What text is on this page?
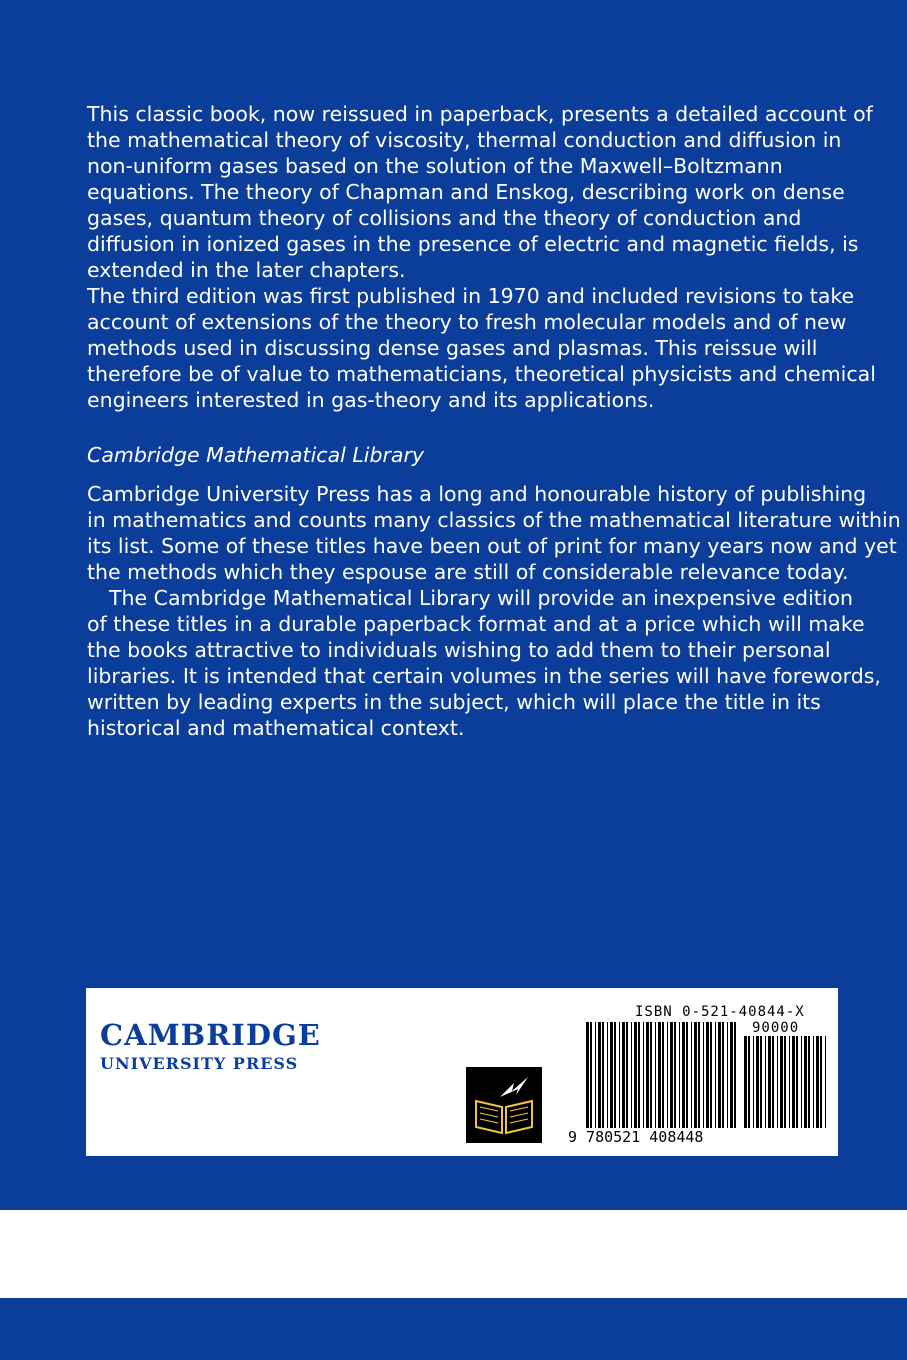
This classic book, now reissued in paperback, presents a detailed account of
the mathematical theory of viscosity, thermal conduction and diffusion in
non-uniform gases based on the solution of the Maxwell–Boltzmann
equations. The theory of Chapman and Enskog, describing work on dense
gases, quantum theory of collisions and the theory of conduction and
diffusion in ionized gases in the presence of electric and magnetic fields, is
extended in the later chapters.
The third edition was first published in 1970 and included revisions to take
account of extensions of the theory to fresh molecular models and of new
methods used in discussing dense gases and plasmas. This reissue will
therefore be of value to mathematicians, theoretical physicists and chemical
engineers interested in gas-theory and its applications.
Cambridge Mathematical Library
Cambridge University Press has a long and honourable history of publishing
in mathematics and counts many classics of the mathematical literature within
its list. Some of these titles have been out of print for many years now and yet
the methods which they espouse are still of considerable relevance today.
The Cambridge Mathematical Library will provide an inexpensive edition
of these titles in a durable paperback format and at a price which will make
the books attractive to individuals wishing to add them to their personal
libraries. It is intended that certain volumes in the series will have forewords,
written by leading experts in the subject, which will place the title in its
historical and mathematical context.
CAMBRIDGE
UNIVERSITY PRESS
ISBN 0-521-40844-X
90000
9 780521 408448
